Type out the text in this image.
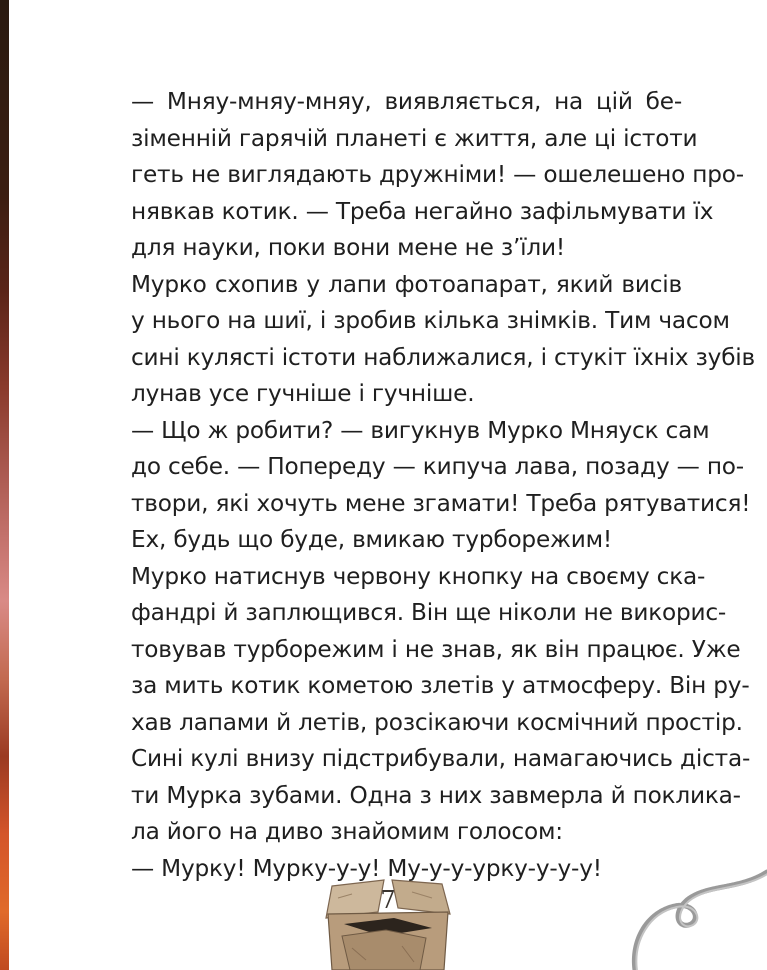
— Мняу-мняу-мняу, виявляється, на цій бе-
зіменній гарячій планеті є життя, але ці істоти
геть не виглядають дружніми! — ошелешено про-
нявкав котик. — Треба негайно зафільмувати їх
для науки, поки вони мене не з’їли!

Мурко схопив у лапи фотоапарат, який висів
у нього на шиї, і зробив кілька знімків. Тим часом
сині кулясті істоти наближалися, і стукіт їхніх зубів
лунав усе гучніше і гучніше.

— Що ж робити? — вигукнув Мурко Мняуск сам
до себе. — Попереду — кипуча лава, позаду — по-
твори, які хочуть мене згамати! Треба рятуватися!
Ех, будь що буде, вмикаю турборежим!

Мурко натиснув червону кнопку на своєму ска-
фандрі й заплющився. Він ще ніколи не викорис-
товував турборежим і не знав, як він працює. Уже
за мить котик кометою злетів у атмосферу. Він ру-
хав лапами й летів, розсікаючи космічний простір.
Сині кулі внизу підстрибували, намагаючись діста-
ти Мурка зубами. Одна з них завмерла й поклика-
ла його на диво знайомим голосом:

— Мурку! Мурку-у-у! Му-у-у-урку-у-у-у!

7
